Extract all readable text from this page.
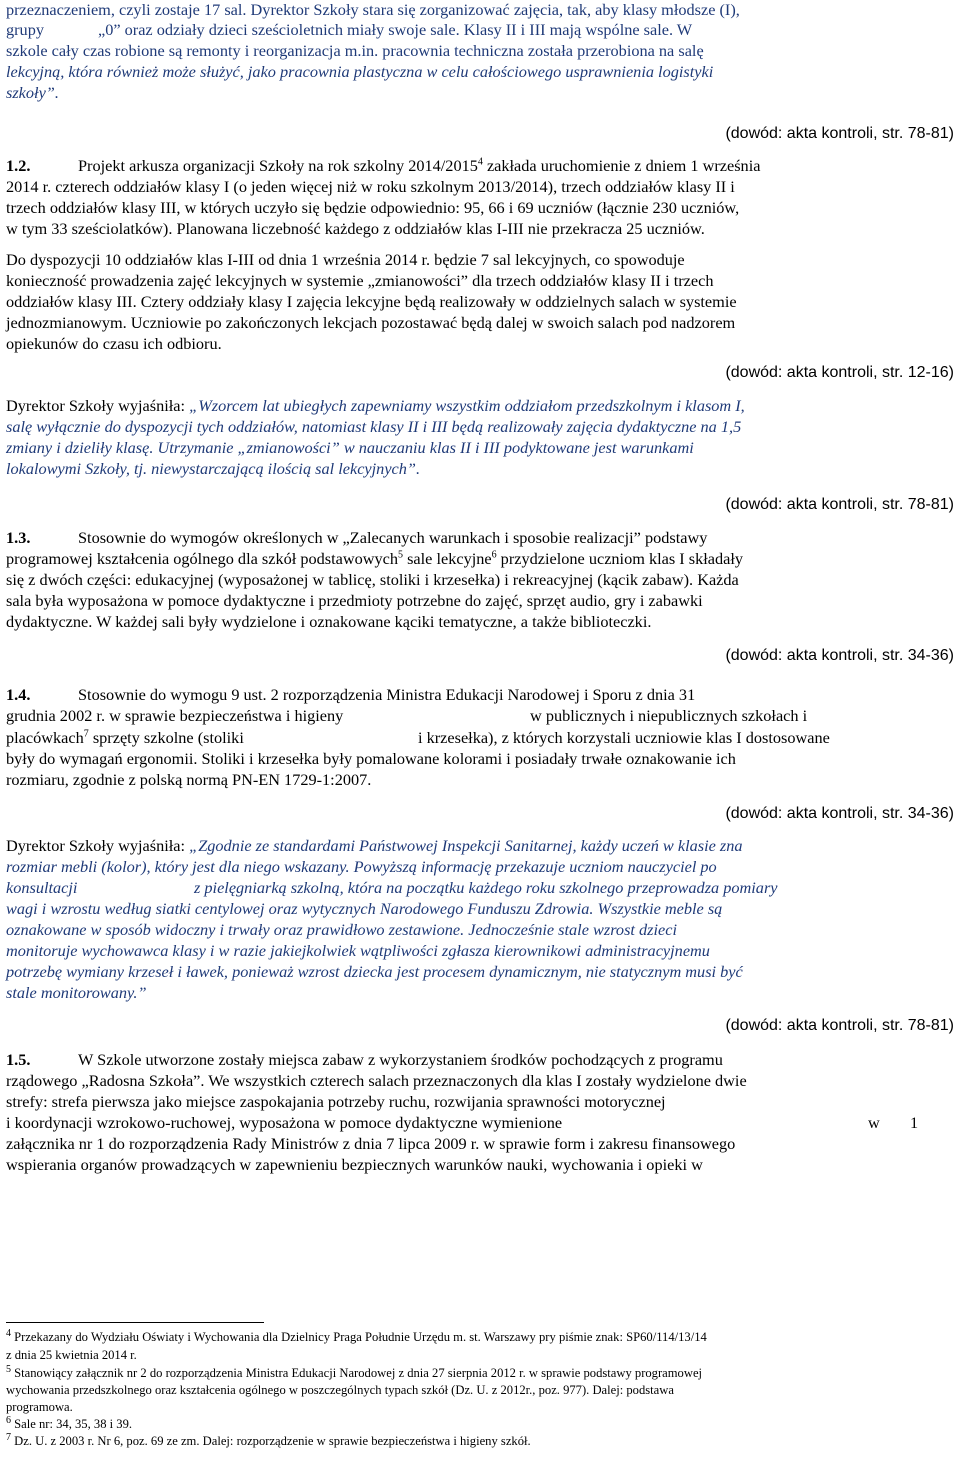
przeznaczeniem, czyli zostaje 17 sal. Dyrektor Szkoły stara się zorganizować zajęcia, tak, aby klasy młodsze (I),
grupy	„0” oraz odziały dzieci sześcioletnich miały swoje sale. Klasy II i III mają wspólne sale. W
szkole cały czas robione są remonty i reorganizacja m.in. pracownia techniczna została przerobiona na salę
lekcyjną, która również może służyć, jako pracownia plastyczna w celu całościowego usprawnienia logistyki
szkoły”.
(dowód: akta kontroli, str. 78-81)
1.2.	Projekt arkusza organizacji Szkoły na rok szkolny 2014/2015$^4$ zakłada uruchomienie z dniem 1 września
2014 r. czterech oddziałów klasy I (o jeden więcej niż w roku szkolnym 2013/2014), trzech oddziałów klasy II i
trzech oddziałów klasy III, w których uczyło się będzie odpowiednio: 95, 66 i 69 uczniów (łącznie 230 uczniów,
w tym 33 sześciolatków). Planowana liczebność każdego z oddziałów klas I-III nie przekracza 25 uczniów.
Do dyspozycji 10 oddziałów klas I-III od dnia 1 września 2014 r. będzie 7 sal lekcyjnych, co spowoduje
konieczność prowadzenia zajęć lekcyjnych w systemie „zmianowości” dla trzech oddziałów klasy II i trzech
oddziałów klasy III. Cztery oddziały klasy I zajęcia lekcyjne będą realizowały w oddzielnych salach w systemie
jednozmianowym. Uczniowie po zakończonych lekcjach pozostawać będą dalej w swoich salach pod nadzorem
opiekunów do czasu ich odbioru.
(dowód: akta kontroli, str. 12-16)
Dyrektor Szkoły wyjaśniła: „Wzorcem lat ubiegłych zapewniamy wszystkim oddziałom przedszkolnym i klasom I,
salę wyłącznie do dyspozycji tych oddziałów, natomiast klasy II i III będą realizowały zajęcia dydaktyczne na 1,5
zmiany i dzieliły klasę. Utrzymanie „zmianowości” w nauczaniu klas II i III podyktowane jest warunkami
lokalowymi Szkoły, tj. niewystarczającą ilością sal lekcyjnych”.
(dowód: akta kontroli, str. 78-81)
1.3.	Stosownie do wymogów określonych w „Zalecanych warunkach i sposobie realizacji” podstawy
programowej kształcenia ogólnego dla szkół podstawowych$^5$ sale lekcyjne$^6$ przydzielone uczniom klas I składały
się z dwóch części: edukacyjnej (wyposażonej w tablicę, stoliki i krzesełka) i rekreacyjnej (kącik zabaw). Każda
sala była wyposażona w pomoce dydaktyczne i przedmioty potrzebne do zajęć, sprzęt audio, gry i zabawki
dydaktyczne. W każdej sali były wydzielone i oznakowane kąciki tematyczne, a także biblioteczki.
(dowód: akta kontroli, str. 34-36)
1.4.	Stosownie do wymogu 9 ust. 2 rozporządzenia Ministra Edukacji Narodowej i Sporu z dnia 31
grudnia 2002 r. w sprawie bezpieczeństwa i higieny	w publicznych i niepublicznych szkołach i
placówkach$^7$ sprzęty szkolne (stoliki	i krzesełka), z których korzystali uczniowie klas I dostosowane
były do wymagań ergonomii. Stoliki i krzesełka były pomalowane kolorami i posiadały trwałe oznakowanie ich
rozmiaru, zgodnie z polską normą PN-EN 1729-1:2007.
(dowód: akta kontroli, str. 34-36)
Dyrektor Szkoły wyjaśniła: „Zgodnie ze standardami Państwowej Inspekcji Sanitarnej, każdy uczeń w klasie zna
rozmiar mebli (kolor), który jest dla niego wskazany. Powyższą informację przekazuje uczniom nauczyciel po
konsultacji	z pielęgniarką szkolną, która na początku każdego roku szkolnego przeprowadza pomiary
wagi i wzrostu według siatki centylowej oraz wytycznych Narodowego Funduszu Zdrowia. Wszystkie meble są
oznakowane w sposób widoczny i trwały oraz prawidłowo zestawione. Jednocześnie stale wzrost dzieci
monitoruje wychowawca klasy i w razie jakiejkolwiek wątpliwości zgłasza kierownikowi administracyjnemu
potrzebę wymiany krzeseł i ławek, ponieważ wzrost dziecka jest procesem dynamicznym, nie statycznym musi być
stale monitorowany.”
(dowód: akta kontroli, str. 78-81)
1.5.	W Szkole utworzone zostały miejsca zabaw z wykorzystaniem środków pochodzących z programu
rządowego „Radosna Szkoła”. We wszystkich czterech salach przeznaczonych dla klas I zostały wydzielone dwie
strefy: strefa pierwsza jako miejsce zaspokajania potrzeby ruchu, rozwijania sprawności motorycznej
i koordynacji wzrokowo-ruchowej, wyposażona w pomoce dydaktyczne wymienione	w 1
załącznika nr 1 do rozporządzenia Rady Ministrów z dnia 7 lipca 2009 r. w sprawie form i zakresu finansowego
wspierania organów prowadzących w zapewnieniu bezpiecznych warunków nauki, wychowania i opieki w
$^4$ Przekazany do Wydziału Oświaty i Wychowania dla Dzielnicy Praga Południe Urzędu m. st. Warszawy pry piśmie znak: SP60/114/13/14
z dnia 25 kwietnia 2014 r.
$^5$ Stanowiący załącznik nr 2 do rozporządzenia Ministra Edukacji Narodowej z dnia 27 sierpnia 2012 r. w sprawie podstawy programowej
wychowania przedszkolnego oraz kształcenia ogólnego w poszczególnych typach szkół (Dz. U. z 2012r., poz. 977). Dalej: podstawa
programowa.
$^6$ Sale nr: 34, 35, 38 i 39.
$^7$ Dz. U. z 2003 r. Nr 6, poz. 69 ze zm. Dalej: rozporządzenie w sprawie bezpieczeństwa i higieny szkół.
